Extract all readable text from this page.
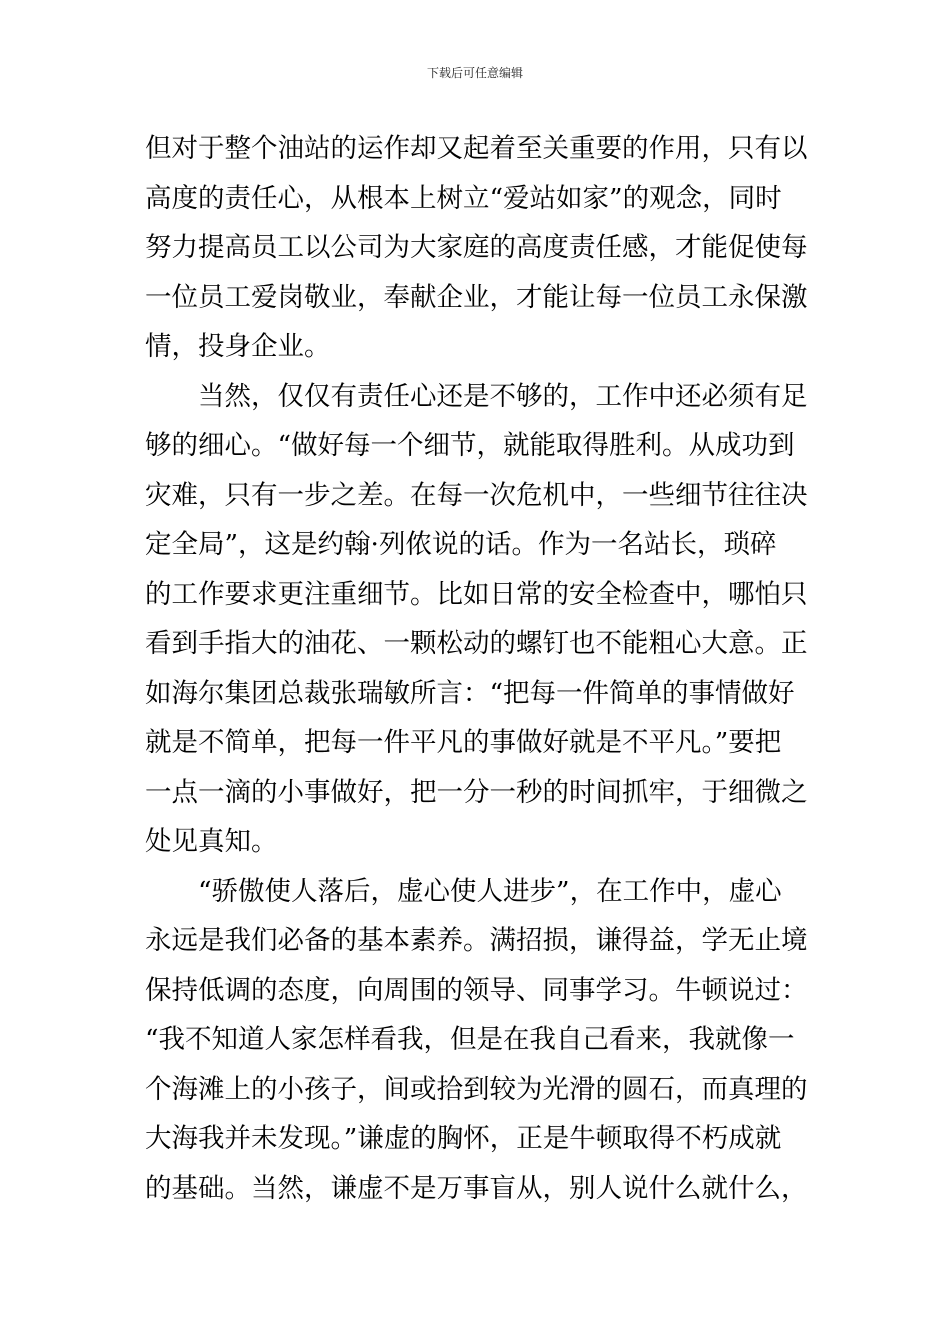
下载后可任意编辑
但对于整个油站的运作却又起着至关重要的作用，只有以
高度的责任心，从根本上树立“爱站如家”的观念，同时
努力提高员工以公司为大家庭的高度责任感，才能促使每
一位员工爱岗敬业，奉献企业，才能让每一位员工永保激
情，投身企业。
　　当然，仅仅有责任心还是不够的，工作中还必须有足
够的细心。“做好每一个细节，就能取得胜利。从成功到
灾难，只有一步之差。在每一次危机中，一些细节往往决
定全局”，这是约翰·列侬说的话。作为一名站长，琐碎
的工作要求更注重细节。比如日常的安全检查中，哪怕只
看到手指大的油花、一颗松动的螺钉也不能粗心大意。正
如海尔集团总裁张瑞敏所言：“把每一件简单的事情做好
就是不简单，把每一件平凡的事做好就是不平凡。”要把
一点一滴的小事做好，把一分一秒的时间抓牢，于细微之
处见真知。
　　“骄傲使人落后，虚心使人进步”，在工作中，虚心
永远是我们必备的基本素养。满招损，谦得益，学无止境
保持低调的态度，向周围的领导、同事学习。牛顿说过：
“我不知道人家怎样看我，但是在我自己看来，我就像一
个海滩上的小孩子，间或拾到较为光滑的圆石，而真理的
大海我并未发现。”谦虚的胸怀，正是牛顿取得不朽成就
的基础。当然，谦虚不是万事盲从，别人说什么就什么，
